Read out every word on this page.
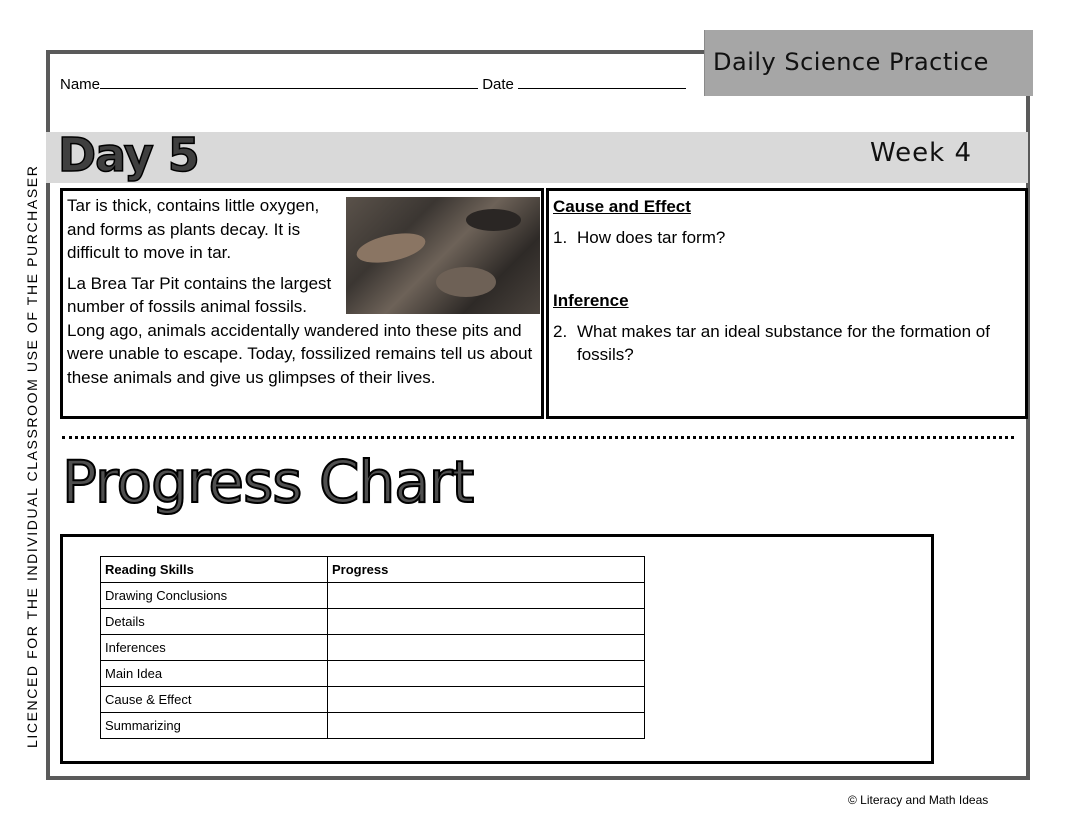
Daily Science Practice
Name	Date
Day 5	Week 4
LICENCED FOR THE INDIVIDUAL CLASSROOM USE OF THE PURCHASER Tar is thick, contains little oxygen, and forms as plants decay. It is difficult to move in tar.

La Brea Tar Pit contains the largest number of fossils animal fossils. Long ago, animals accidentally wandered into these pits and were unable to escape. Today, fossilized remains tell us about these animals and give us glimpses of their lives.

Cause and Effect
1. How does tar form?
Inference
2. What makes tar an ideal substance for the formation of fossils?
Progress Chart
Reading Skills	Progress
Drawing Conclusions	
Details	
Inferences	
Main Idea	
Cause & Effect	
Summarizing	
© Literacy and Math Ideas
